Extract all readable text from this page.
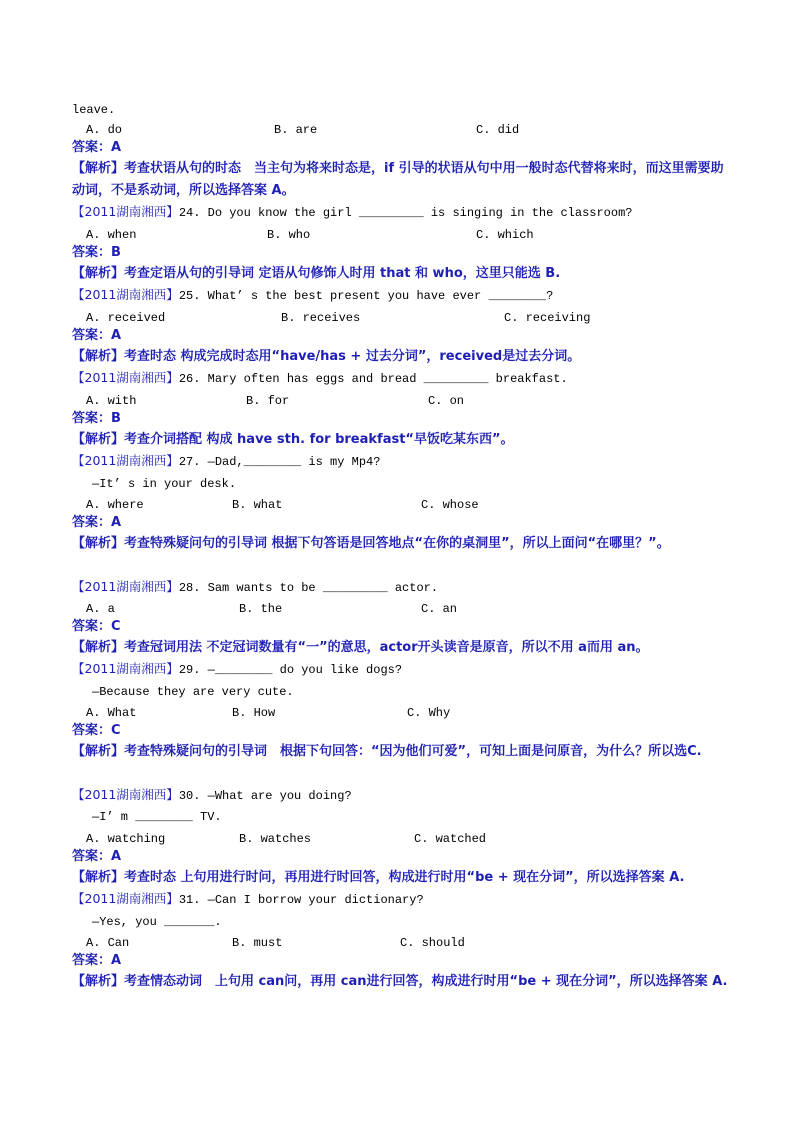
leave.

A. do

	B. are

	C. did

答案：A
【解析】考查状语从句的时态　当主句为将来时态是，if 引导的状语从句中用一般时态代替将来时，而这里需要助动词，不是系动词，所以选择答案 A。
【2011湖南湘西】24. Do you know the girl _________ is singing in the classroom?

A. when

	B. who

	C. which

答案：B
【解析】考查定语从句的引导词 定语从句修饰人时用 that 和 who，这里只能选 B.
【2011湖南湘西】25. What’ s the best present you have ever ________?

A. received

	B. receives

	C. receiving

答案：A
【解析】考查时态 构成完成时态用“have/has + 过去分词”，received是过去分词。
【2011湖南湘西】26. Mary often has eggs and bread _________ breakfast.

A. with

	B. for

	C. on

答案：B
【解析】考查介词搭配 构成 have sth. for breakfast“早饭吃某东西”。
【2011湖南湘西】27. —Dad,________ is my Mp4?
—It’ s in your desk.

A. where

	B. what

	C. whose

答案：A
【解析】考查特殊疑问句的引导词 根据下句答语是回答地点“在你的桌洞里”，所以上面问“在哪里？”。
【2011湖南湘西】28. Sam wants to be _________ actor.

A. a

	B. the

	C. an

答案：C
【解析】考查冠词用法 不定冠词数量有“一”的意思，actor开头读音是原音，所以不用 a而用 an。
【2011湖南湘西】29. —________ do you like dogs?
—Because they are very cute.

A. What

	B. How

	C. Why

答案：C
【解析】考查特殊疑问句的引导词　根据下句回答：“因为他们可爱”，可知上面是问原音，为什么？所以选C.
【2011湖南湘西】30. —What are you doing?
—I’ m ________ TV.

A. watching

	B. watches

	C. watched

答案：A
【解析】考查时态 上句用进行时问，再用进行时回答，构成进行时用“be + 现在分词”，所以选择答案 A.
【2011湖南湘西】31. —Can I borrow your dictionary?
—Yes, you _______.

A. Can

	B. must

	C. should

答案：A
【解析】考查情态动词　上句用 can问，再用 can进行回答，构成进行时用“be + 现在分词”，所以选择答案 A.
